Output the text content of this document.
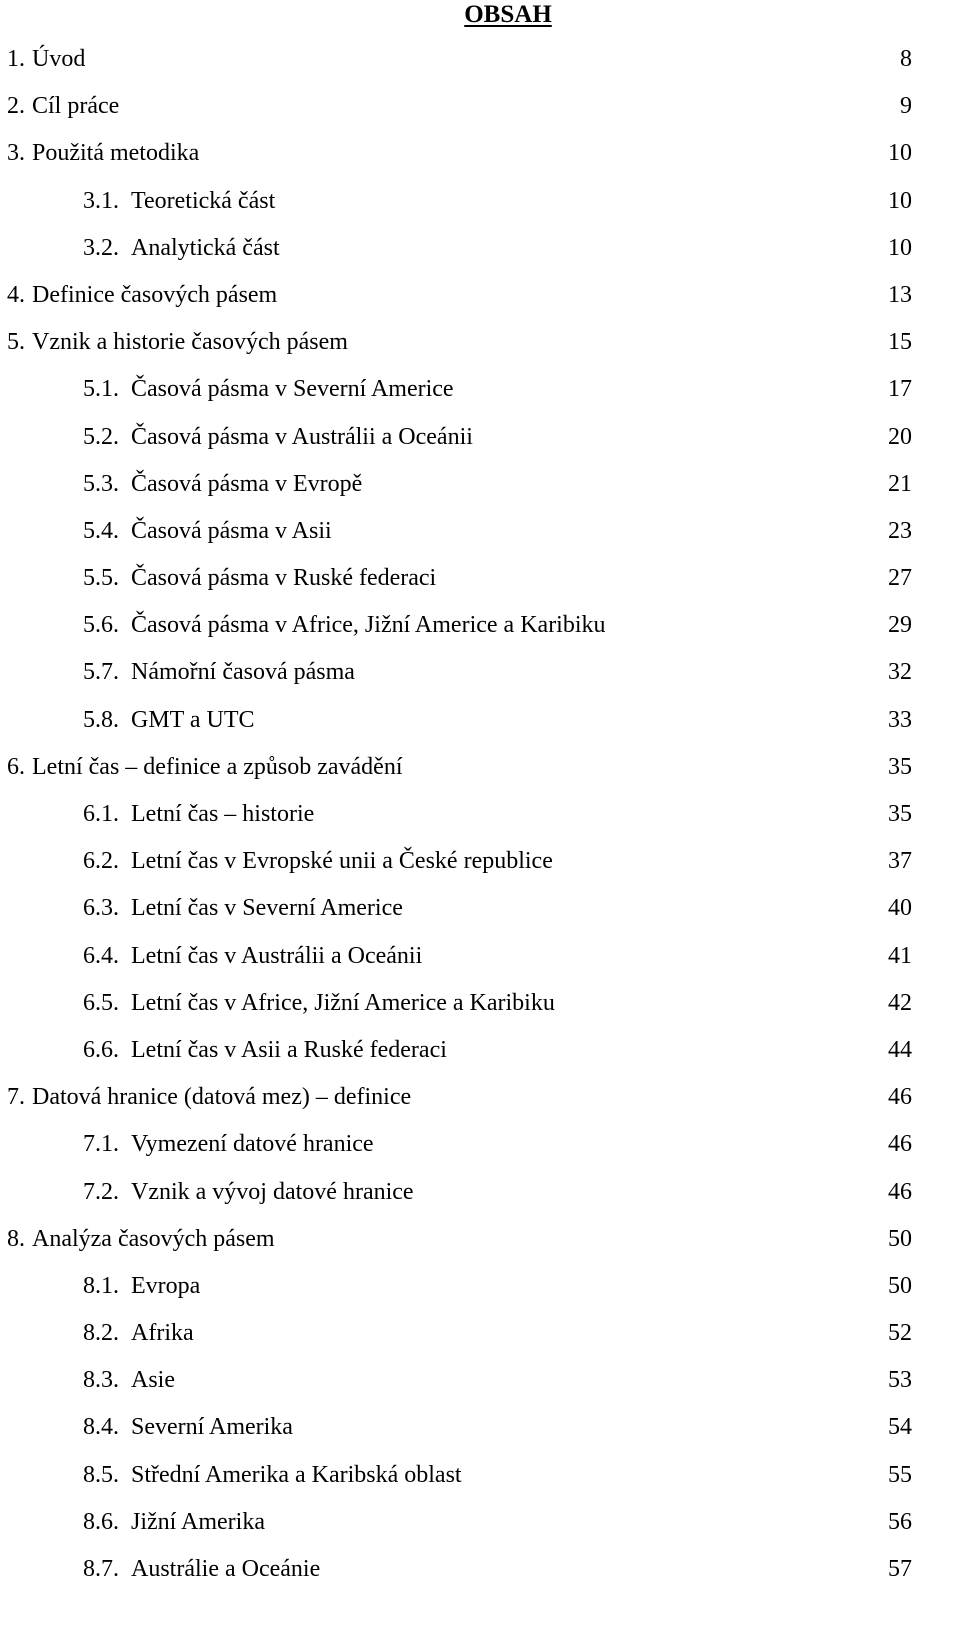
OBSAH
1. Úvod	8
2. Cíl práce	9
3. Použitá metodika	10
3.1. Teoretická část	10
3.2. Analytická část	10
4. Definice časových pásem	13
5. Vznik a historie časových pásem	15
5.1. Časová pásma v Severní Americe	17
5.2. Časová pásma v Austrálii a Oceánii	20
5.3. Časová pásma v Evropě	21
5.4. Časová pásma v Asii	23
5.5. Časová pásma v Ruské federaci	27
5.6. Časová pásma v Africe, Jižní Americe a Karibiku	29
5.7. Námořní časová pásma	32
5.8. GMT a UTC	33
6. Letní čas – definice a způsob zavádění	35
6.1. Letní čas – historie	35
6.2. Letní čas v Evropské unii a České republice	37
6.3. Letní čas v Severní Americe	40
6.4. Letní čas v Austrálii a Oceánii	41
6.5. Letní čas v Africe, Jižní Americe a Karibiku	42
6.6. Letní čas v Asii a Ruské federaci	44
7. Datová hranice (datová mez) – definice	46
7.1. Vymezení datové hranice	46
7.2. Vznik a vývoj datové hranice	46
8. Analýza časových pásem	50
8.1. Evropa	50
8.2. Afrika	52
8.3. Asie	53
8.4. Severní Amerika	54
8.5. Střední Amerika a Karibská oblast	55
8.6. Jižní Amerika	56
8.7. Austrálie a Oceánie	57
